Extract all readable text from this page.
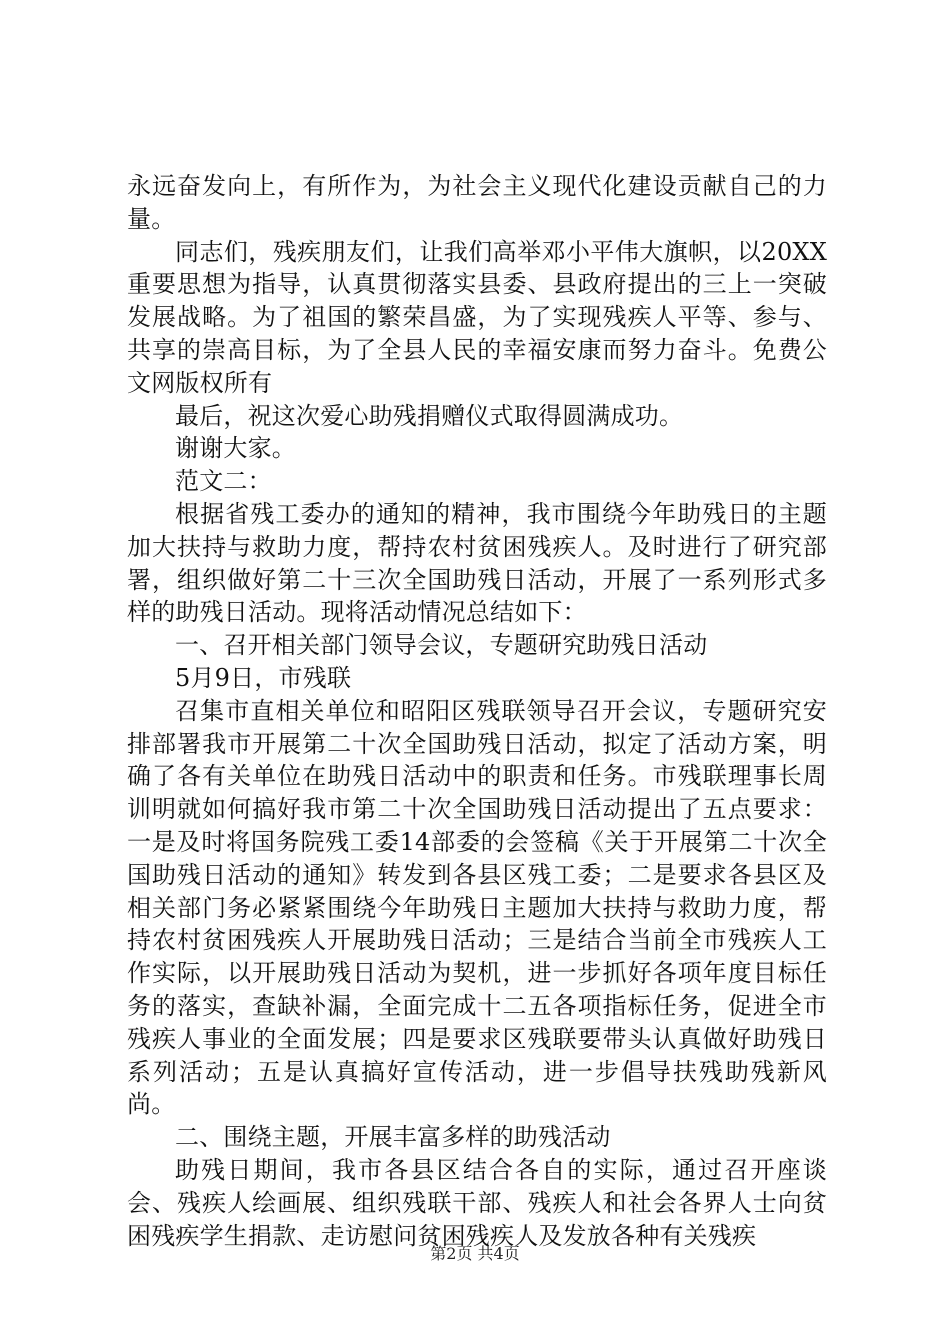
永远奋发向上，有所作为，为社会主义现代化建设贡献自己的力量。

同志们，残疾朋友们，让我们高举邓小平伟大旗帜，以20XX重要思想为指导，认真贯彻落实县委、县政府提出的三上一突破发展战略。为了祖国的繁荣昌盛，为了实现残疾人平等、参与、共享的崇高目标，为了全县人民的幸福安康而努力奋斗。免费公文网版权所有

最后，祝这次爱心助残捐赠仪式取得圆满成功。

谢谢大家。

范文二：

根据省残工委办的通知的精神，我市围绕今年助残日的主题加大扶持与救助力度，帮持农村贫困残疾人。及时进行了研究部署，组织做好第二十三次全国助残日活动，开展了一系列形式多样的助残日活动。现将活动情况总结如下：

一、召开相关部门领导会议，专题研究助残日活动

5月9日，市残联

召集市直相关单位和昭阳区残联领导召开会议，专题研究安排部署我市开展第二十次全国助残日活动，拟定了活动方案，明确了各有关单位在助残日活动中的职责和任务。市残联理事长周训明就如何搞好我市第二十次全国助残日活动提出了五点要求：一是及时将国务院残工委14部委的会签稿《关于开展第二十次全国助残日活动的通知》转发到各县区残工委；二是要求各县区及相关部门务必紧紧围绕今年助残日主题加大扶持与救助力度，帮持农村贫困残疾人开展助残日活动；三是结合当前全市残疾人工作实际，以开展助残日活动为契机，进一步抓好各项年度目标任务的落实，查缺补漏，全面完成十二五各项指标任务，促进全市残疾人事业的全面发展；四是要求区残联要带头认真做好助残日系列活动；五是认真搞好宣传活动，进一步倡导扶残助残新风尚。

二、围绕主题，开展丰富多样的助残活动

助残日期间，我市各县区结合各自的实际，通过召开座谈会、残疾人绘画展、组织残联干部、残疾人和社会各界人士向贫困残疾学生捐款、走访慰问贫困残疾人及发放各种有关残疾

第2页 共4页
